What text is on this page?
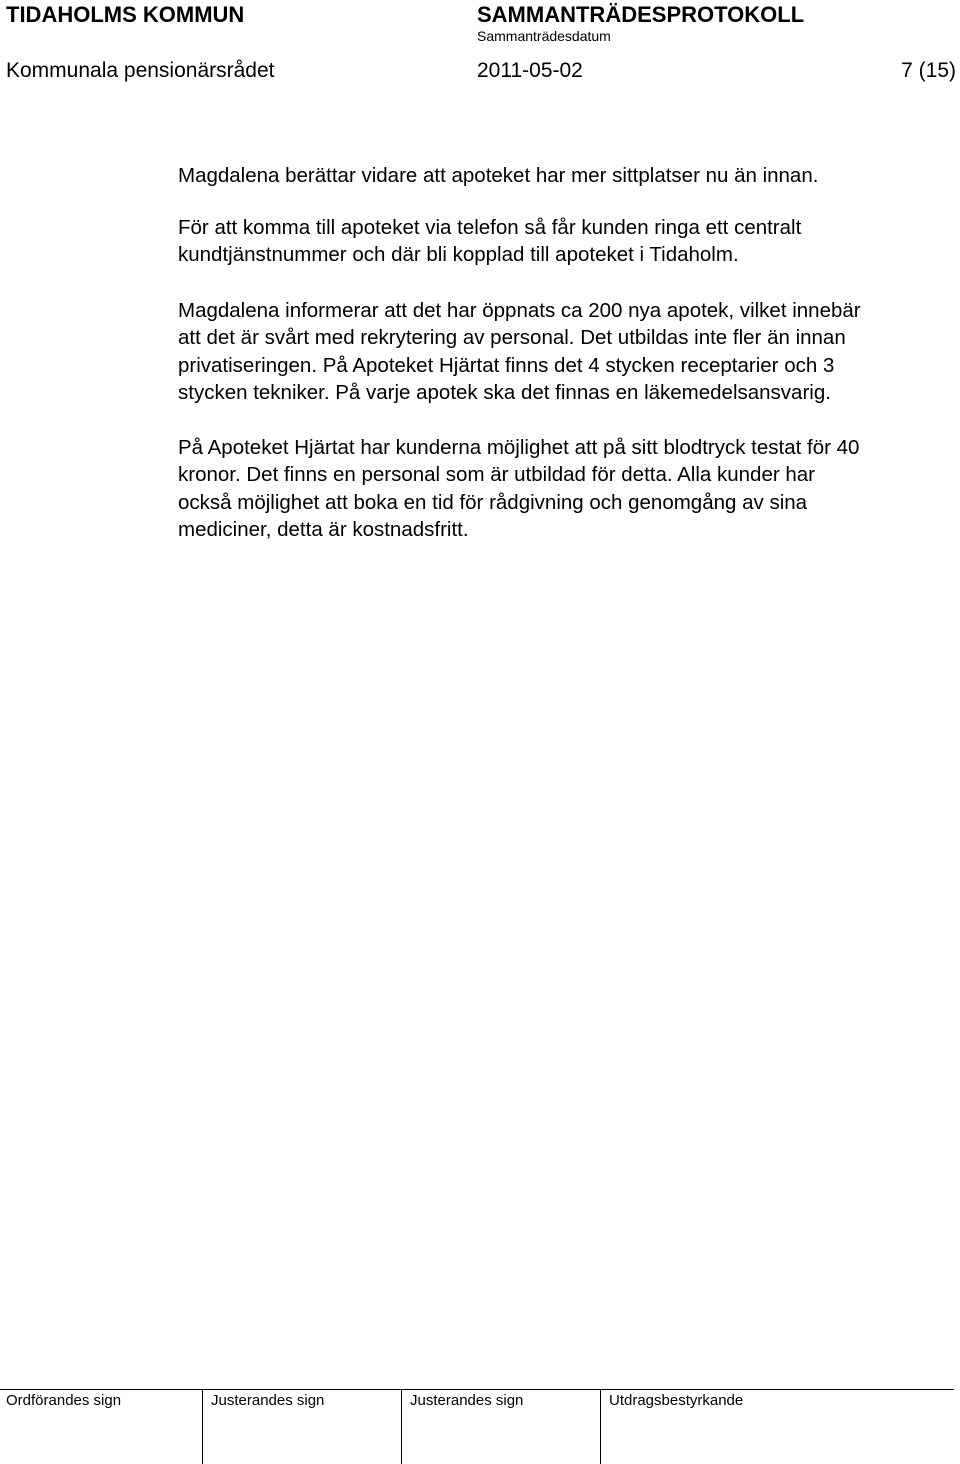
TIDAHOLMS KOMMUN	SAMMANTRÄDESPROTOKOLL
Sammanträdesdatum
Kommunala pensionärsrådet	2011-05-02	7 (15)

Magdalena berättar vidare att apoteket har mer sittplatser nu än innan.

För att komma till apoteket via telefon så får kunden ringa ett centralt
kundtjänstnummer och där bli kopplad till apoteket i Tidaholm.

Magdalena informerar att det har öppnats ca 200 nya apotek, vilket innebär
att det är svårt med rekrytering av personal. Det utbildas inte fler än innan
privatiseringen. På Apoteket Hjärtat finns det 4 stycken receptarier och 3
stycken tekniker. På varje apotek ska det finnas en läkemedelsansvarig.

På Apoteket Hjärtat har kunderna möjlighet att på sitt blodtryck testat för 40
kronor. Det finns en personal som är utbildad för detta. Alla kunder har
också möjlighet att boka en tid för rådgivning och genomgång av sina
mediciner, detta är kostnadsfritt.

Ordförandes sign	Justerandes sign	Justerandes sign	Utdragsbestyrkande
